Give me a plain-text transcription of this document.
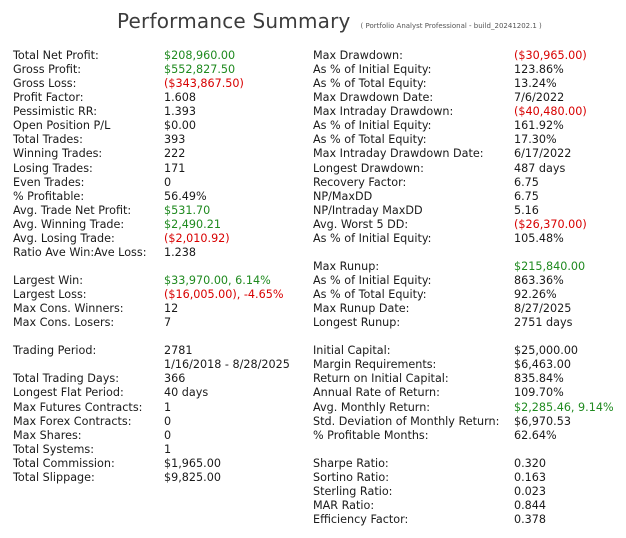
Performance Summary ( Portfolio Analyst Professional - build_20241202.1 )
Total Net Profit:	$208,960.00
Gross Profit:	$552,827.50
Gross Loss:	($343,867.50)
Profit Factor:	1.608
Pessimistic RR:	1.393
Open Position P/L	$0.00
Total Trades:	393
Winning Trades:	222
Losing Trades:	171
Even Trades:	0
% Profitable:	56.49%
Avg. Trade Net Profit:	$531.70
Avg. Winning Trade:	$2,490.21
Avg. Losing Trade:	($2,010.92)
Ratio Ave Win:Ave Loss: 1.238
Largest Win:	$33,970.00, 6.14%
Largest Loss:	($16,005.00), -4.65%
Max Cons. Winners:	12
Max Cons. Losers:	7
Trading Period:	2781
1/16/2018 - 8/28/2025
Total Trading Days:	366
Longest Flat Period:	40 days
Max Futures Contracts: 1
Max Forex Contracts:	0
Max Shares:	0
Total Systems:	1
Total Commission:	$1,965.00
Total Slippage:	$9,825.00
Max Drawdown:	($30,965.00)
As % of Initial Equity:	123.86%
As % of Total Equity:	13.24%
Max Drawdown Date:	7/6/2022
Max Intraday Drawdown:	($40,480.00)
As % of Initial Equity:	161.92%
As % of Total Equity:	17.30%
Max Intraday Drawdown Date:	6/17/2022
Longest Drawdown:	487 days
Recovery Factor:	6.75
NP/MaxDD	6.75
NP/Intraday MaxDD	5.16
Avg. Worst 5 DD:	($26,370.00)
As % of Initial Equity:	105.48%
Max Runup:	$215,840.00
As % of Initial Equity:	863.36%
As % of Total Equity:	92.26%
Max Runup Date:	8/27/2025
Longest Runup:	2751 days
Initial Capital:	$25,000.00
Margin Requirements:	$6,463.00
Return on Initial Capital:	835.84%
Annual Rate of Return:	109.70%
Avg. Monthly Return:	$2,285.46, 9.14%
Std. Deviation of Monthly Return: $6,970.53
% Profitable Months:	62.64%
Sharpe Ratio:	0.320
Sortino Ratio:	0.163
Sterling Ratio:	0.023
MAR Ratio:	0.844
Efficiency Factor:	0.378
